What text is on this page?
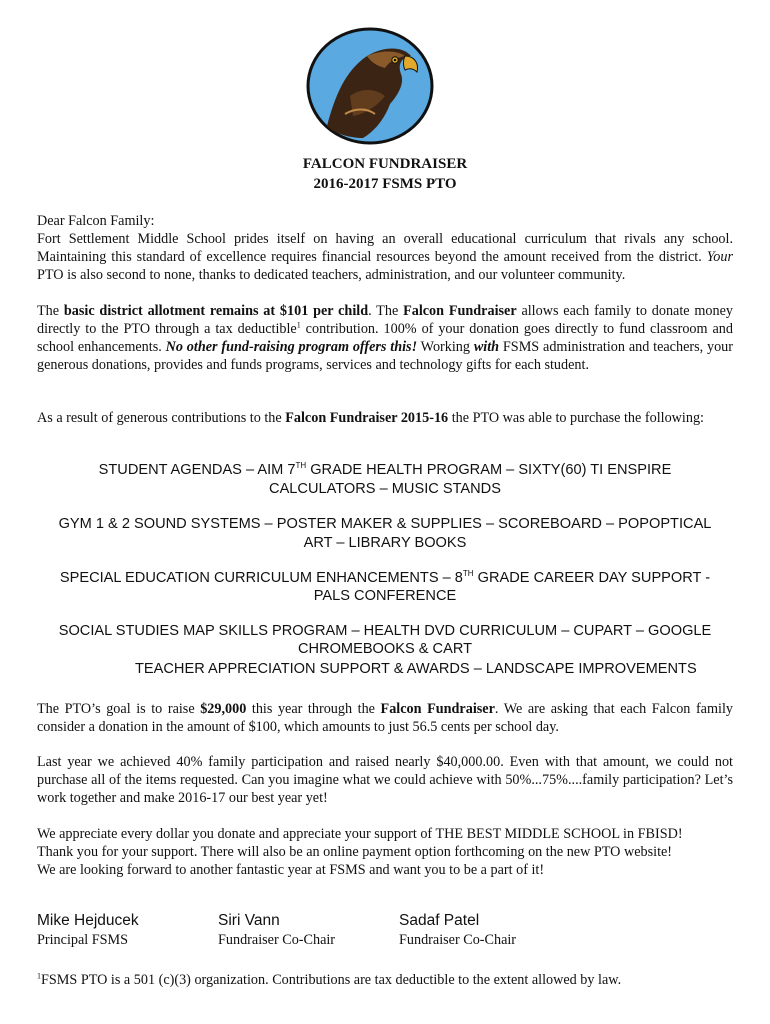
FALCON FUNDRAISER
2016-2017 FSMS PTO
Dear Falcon Family:
Fort Settlement Middle School prides itself on having an overall educational curriculum that rivals any school. Maintaining this standard of excellence requires financial resources beyond the amount received from the district. Your PTO is also second to none, thanks to dedicated teachers, administration, and our volunteer community.
The basic district allotment remains at $101 per child. The Falcon Fundraiser allows each family to donate money directly to the PTO through a tax deductible$^1$ contribution. 100% of your donation goes directly to fund classroom and school enhancements. No other fund-raising program offers this! Working with FSMS administration and teachers, your generous donations, provides and funds programs, services and technology gifts for each student.
As a result of generous contributions to the Falcon Fundraiser 2015-16 the PTO was able to purchase the following:
STUDENT AGENDAS – AIM 7TH GRADE HEALTH PROGRAM – SIXTY(60) TI ENSPIRE
CALCULATORS – MUSIC STANDS
GYM 1 & 2 SOUND SYSTEMS – POSTER MAKER & SUPPLIES – SCOREBOARD – POPOPTICAL
ART – LIBRARY BOOKS
SPECIAL EDUCATION CURRICULUM ENHANCEMENTS – 8TH GRADE CAREER DAY SUPPORT -
PALS CONFERENCE
SOCIAL STUDIES MAP SKILLS PROGRAM – HEALTH DVD CURRICULUM – CUPART – GOOGLE
CHROMEBOOKS & CART
TEACHER APPRECIATION SUPPORT & AWARDS – LANDSCAPE IMPROVEMENTS
The PTO’s goal is to raise $29,000 this year through the Falcon Fundraiser. We are asking that each Falcon family consider a donation in the amount of $100, which amounts to just 56.5 cents per school day.
Last year we achieved 40% family participation and raised nearly $40,000.00. Even with that amount, we could not purchase all of the items requested. Can you imagine what we could achieve with 50%...75%....family participation? Let’s work together and make 2016-17 our best year yet!
We appreciate every dollar you donate and appreciate your support of THE BEST MIDDLE SCHOOL in FBISD!
Thank you for your support. There will also be an online payment option forthcoming on the new PTO website!
We are looking forward to another fantastic year at FSMS and want you to be a part of it!
Mike Hejducek
Principal FSMS
Siri Vann
Fundraiser Co-Chair
Sadaf Patel
Fundraiser Co-Chair
$^1$FSMS PTO is a 501 (c)(3) organization. Contributions are tax deductible to the extent allowed by law.
